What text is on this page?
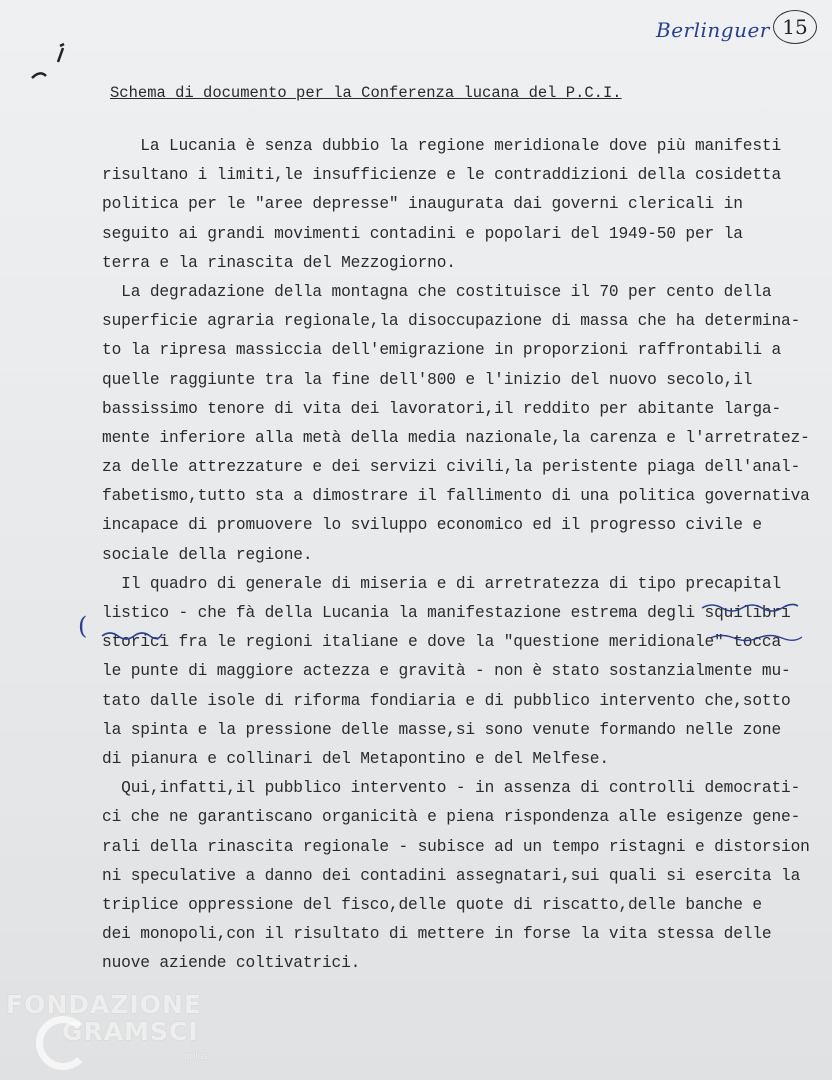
Berlinguer 15
Schema di documento per la Conferenza lucana del P.C.I.
La Lucania è senza dubbio la regione meridionale dove più manifesti
risultano i limiti,le insufficienze e le contraddizioni della cosidetta
politica per le "aree depresse" inaugurata dai governi clericali in
seguito ai grandi movimenti contadini e popolari del 1949-50 per la
terra e la rinascita del Mezzogiorno.
La degradazione della montagna che costituisce il 70 per cento della
superficie agraria regionale,la disoccupazione di massa che ha determina-
to la ripresa massiccia dell'emigrazione in proporzioni raffrontabili a
quelle raggiunte tra la fine dell'800 e l'inizio del nuovo secolo,il
bassissimo tenore di vita dei lavoratori,il reddito per abitante larga-
mente inferiore alla metà della media nazionale,la carenza e l'arretratez-
za delle attrezzature e dei servizi civili,la peristente piaga dell'anal-
fabetismo,tutto sta a dimostrare il fallimento di una politica governativa
incapace di promuovere lo sviluppo economico ed il progresso civile e
sociale della regione.
Il quadro di generale di miseria e di arretratezza di tipo precapital
listico - che fà della Lucania la manifestazione estrema degli squilibri
storici fra le regioni italiane e dove la "questione meridionale" tocca
le punte di maggiore actezza e gravità - non è stato sostanzialmente mu-
tato dalle isole di riforma fondiaria e di pubblico intervento che,sotto
la spinta e la pressione delle masse,si sono venute formando nelle zone
di pianura e collinari del Metapontino e del Melfese.
Qui,infatti,il pubblico intervento - in assenza di controlli democrati-
ci che ne garantiscano organicità e piena rispondenza alle esigenze gene-
rali della rinascita regionale - subisce ad un tempo ristagni e distorsion
ni speculative a danno dei contadini assegnatari,sui quali si esercita la
triplice oppressione del fisco,delle quote di riscatto,delle banche e
dei monopoli,con il risultato di mettere in forse la vita stessa delle
nuove aziende coltivatrici.
(
FONDAZIONE
GRAMSCI
onlus
